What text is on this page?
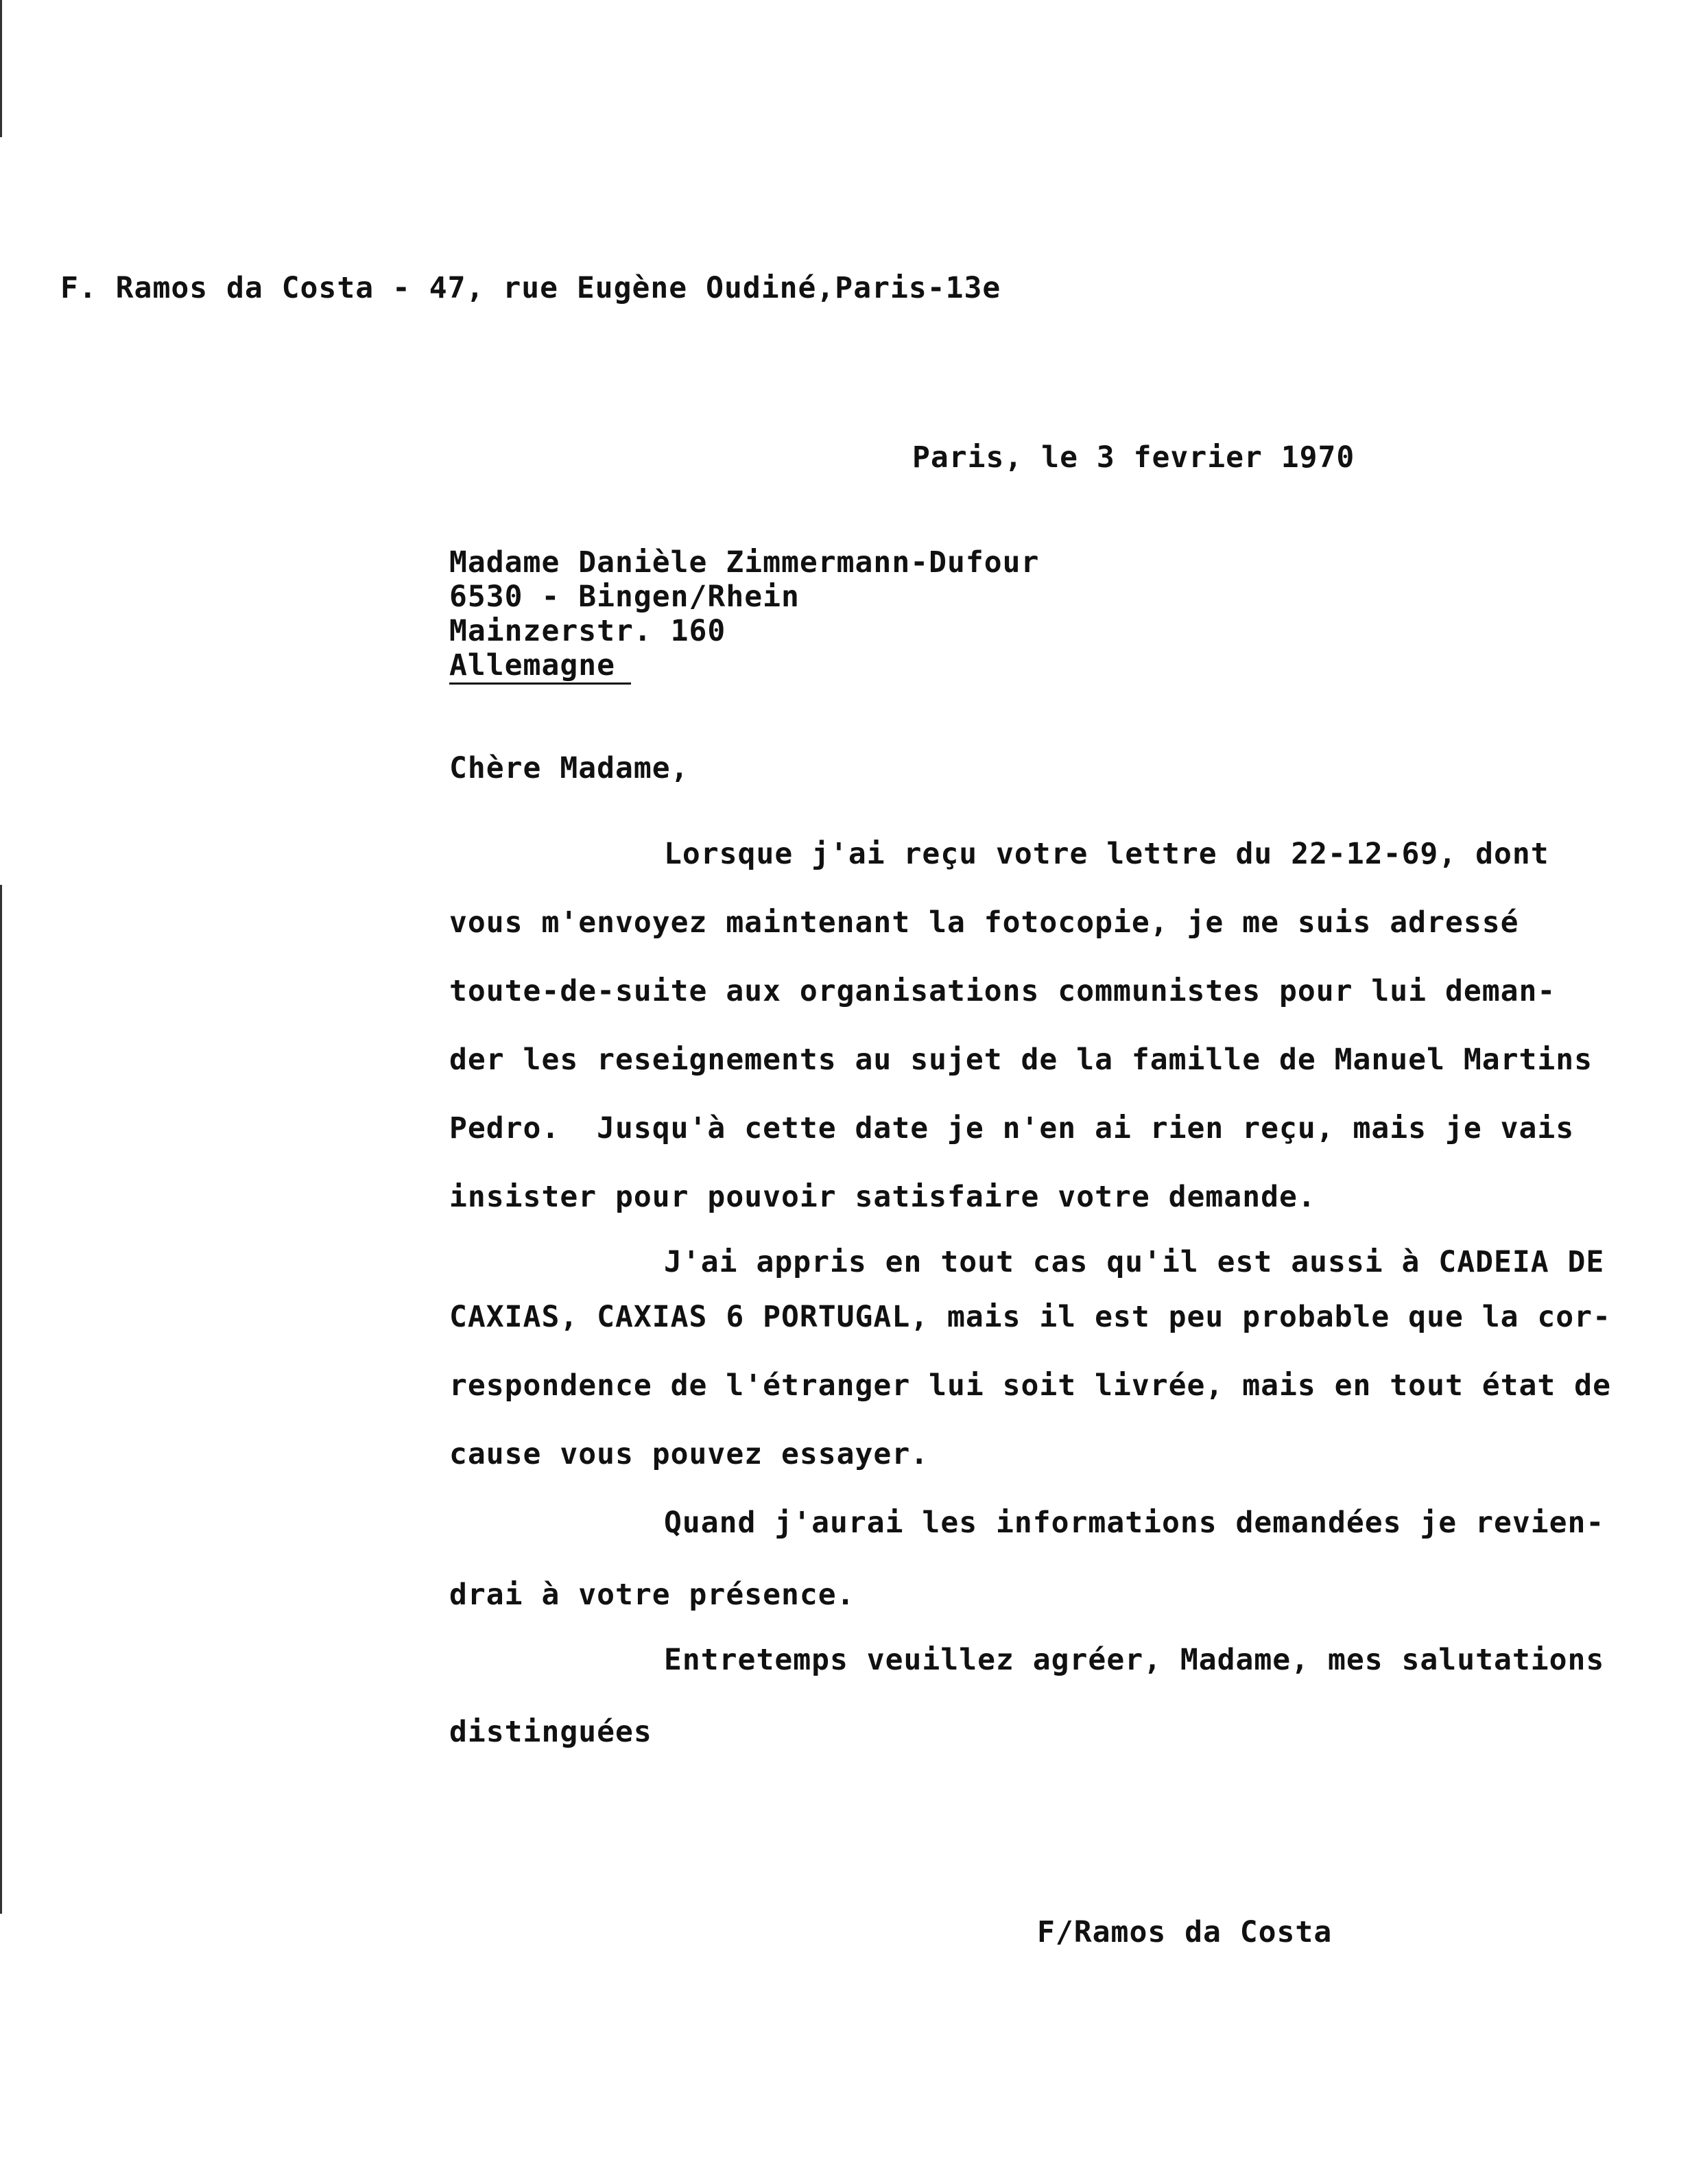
F. Ramos da Costa - 47, rue Eugène Oudiné,Paris-13e
Paris, le 3 fevrier 1970
Madame Danièle Zimmermann-Dufour
6530 - Bingen/Rhein
Mainzerstr. 160
Allemagne
Chère Madame,
Lorsque j'ai reçu votre lettre du 22-12-69, dont
vous m'envoyez maintenant la fotocopie, je me suis adressé
toute-de-suite aux organisations communistes pour lui deman-
der les reseignements au sujet de la famille de Manuel Martins
Pedro.  Jusqu'à cette date je n'en ai rien reçu, mais je vais
insister pour pouvoir satisfaire votre demande.
J'ai appris en tout cas qu'il est aussi à CADEIA DE
CAXIAS, CAXIAS 6 PORTUGAL, mais il est peu probable que la cor-
respondence de l'étranger lui soit livrée, mais en tout état de
cause vous pouvez essayer.
Quand j'aurai les informations demandées je revien-
drai à votre présence.
Entretemps veuillez agréer, Madame, mes salutations
distinguées
F/Ramos da Costa
